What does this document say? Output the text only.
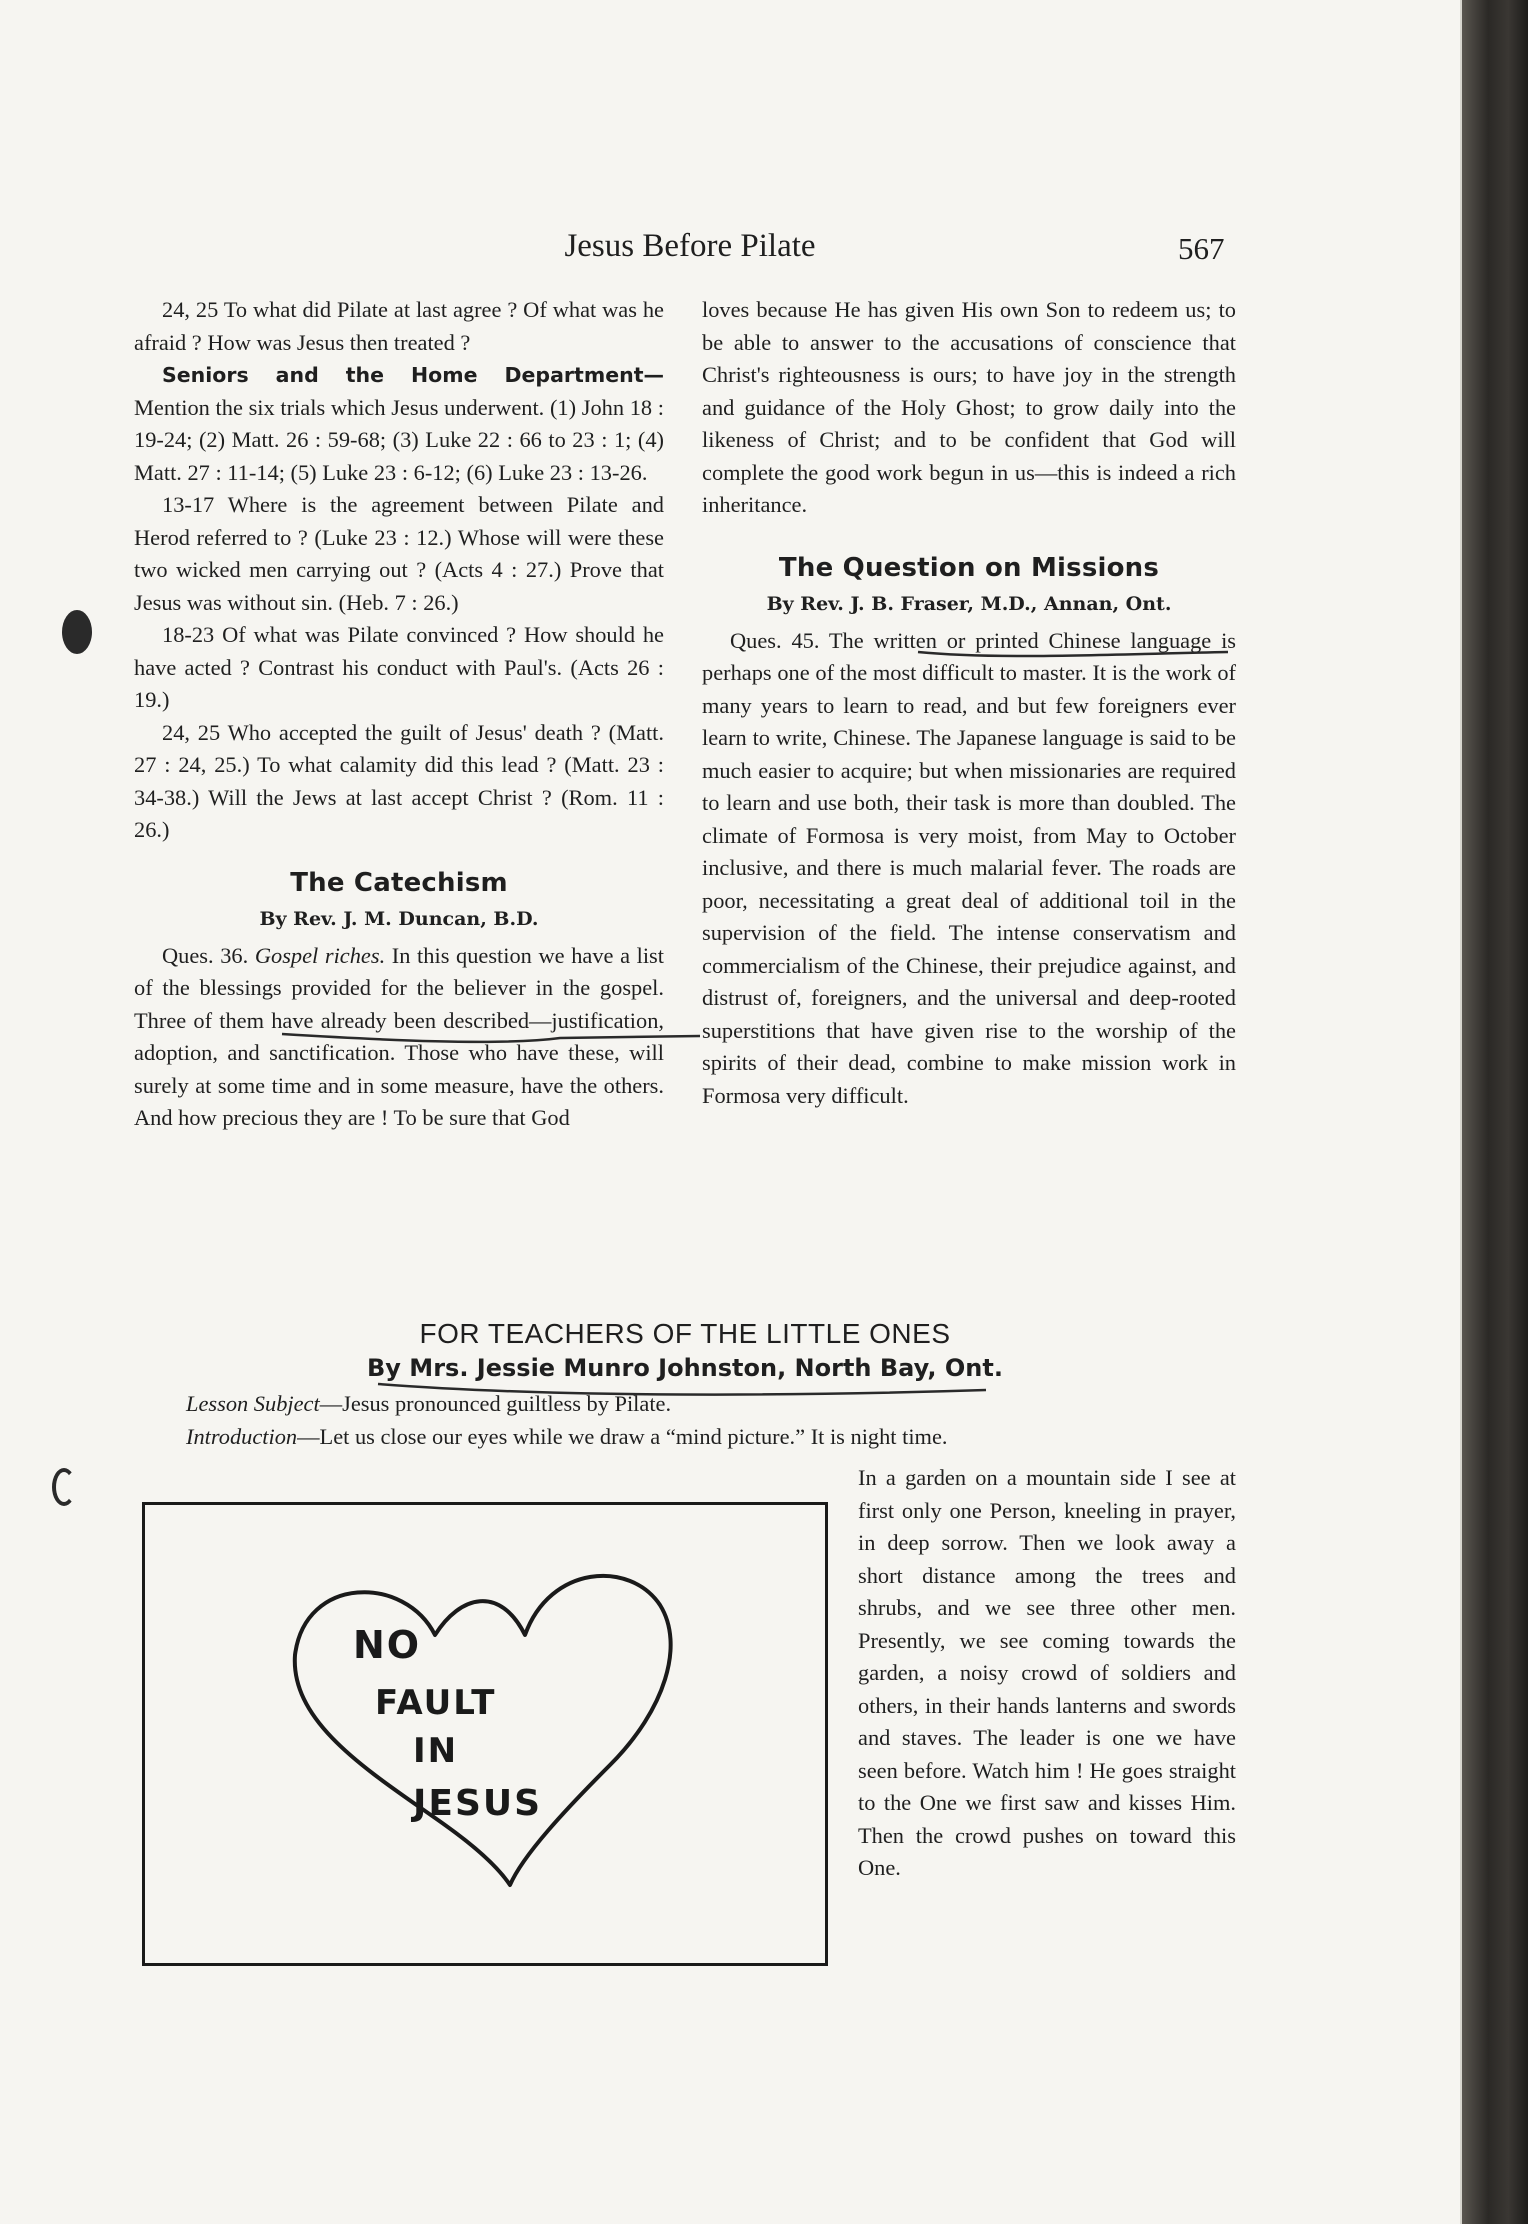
Jesus Before Pilate	567

24, 25 To what did Pilate at last agree ? Of what was he afraid ? How was Jesus then treated ?

Seniors and the Home Department— Mention the six trials which Jesus underwent. (1) John 18 : 19-24; (2) Matt. 26 : 59-68; (3) Luke 22 : 66 to 23 : 1; (4) Matt. 27 : 11-14; (5) Luke 23 : 6-12; (6) Luke 23 : 13-26.

13-17 Where is the agreement between Pilate and Herod referred to ? (Luke 23 : 12.) Whose will were these two wicked men carrying out ? (Acts 4 : 27.) Prove that Jesus was without sin. (Heb. 7 : 26.)

18-23 Of what was Pilate convinced ? How should he have acted ? Contrast his conduct with Paul's. (Acts 26 : 19.)

24, 25 Who accepted the guilt of Jesus' death ? (Matt. 27 : 24, 25.) To what calamity did this lead ? (Matt. 23 : 34-38.) Will the Jews at last accept Christ ? (Rom. 11 : 26.)

The Catechism
By Rev. J. M. Duncan, B.D.

Ques. 36. Gospel riches. In this question we have a list of the blessings provided for the believer in the gospel. Three of them have already been described—justification, adoption, and sanctification. Those who have these, will surely at some time and in some measure, have the others. And how precious they are ! To be sure that God

loves because He has given His own Son to redeem us; to be able to answer to the accusations of conscience that Christ's righteousness is ours; to have joy in the strength and guidance of the Holy Ghost; to grow daily into the likeness of Christ; and to be confident that God will complete the good work begun in us—this is indeed a rich inheritance.

The Question on Missions
By Rev. J. B. Fraser, M.D., Annan, Ont.

Ques. 45. The written or printed Chinese language is perhaps one of the most difficult to master. It is the work of many years to learn to read, and but few foreigners ever learn to write, Chinese. The Japanese language is said to be much easier to acquire; but when missionaries are required to learn and use both, their task is more than doubled. The climate of Formosa is very moist, from May to October inclusive, and there is much malarial fever. The roads are poor, necessitating a great deal of additional toil in the supervision of the field. The intense conservatism and commercialism of the Chinese, their prejudice against, and distrust of, foreigners, and the universal and deep-rooted superstitions that have given rise to the worship of the spirits of their dead, combine to make mission work in Formosa very difficult.

FOR TEACHERS OF THE LITTLE ONES
By Mrs. Jessie Munro Johnston, North Bay, Ont.
Lesson Subject—Jesus pronounced guiltless by Pilate.
Introduction—Let us close our eyes while we draw a “mind picture.” It is night time.

In a garden on a mountain side I see at first only one Person, kneeling in prayer, in deep sorrow. Then we look away a short distance among the trees and shrubs, and we see three other men. Presently, we see coming towards the garden, a noisy crowd of soldiers and others, in their hands lanterns and swords and staves. The leader is one we have seen before. Watch him ! He goes straight to the One we first saw and kisses Him. Then the crowd pushes on toward this One.

NO
FAULT
IN
JESUS
